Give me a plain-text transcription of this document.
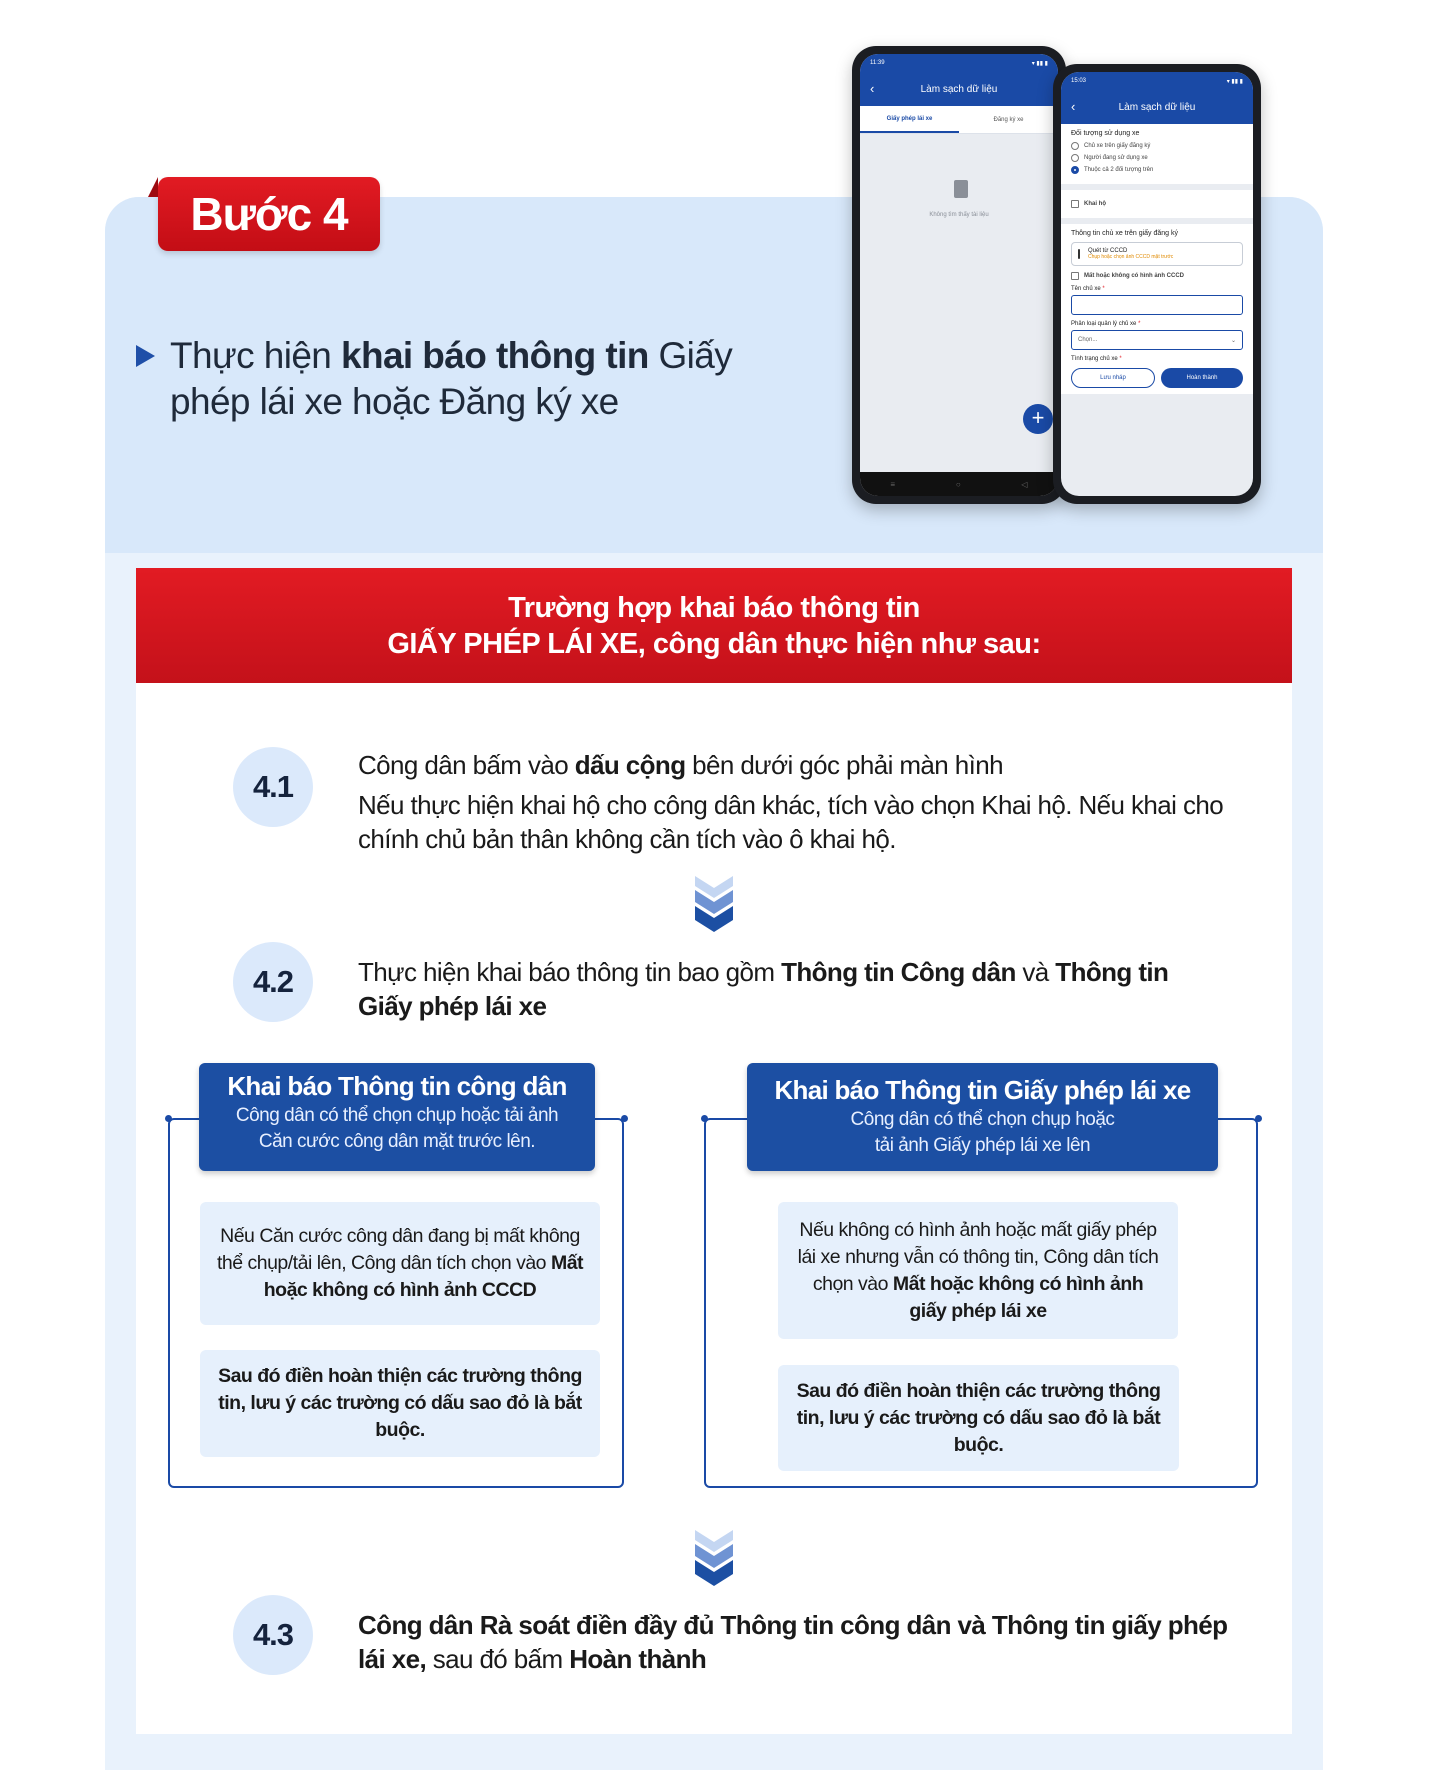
Bước 4

Thực hiện khai báo thông tin Giấy phép lái xe hoặc Đăng ký xe

11:39	▾ ▮▮ ▮
‹	Làm sạch dữ liệu
Giấy phép lái xe	Đăng ký xe
Không tìm thấy tài liệu
+
≡	○	◁
15:03	▾ ▮▮ ▮
‹	Làm sạch dữ liệu
Đối tượng sử dụng xe
Chủ xe trên giấy đăng ký
Người đang sử dụng xe
Thuộc cả 2 đối tượng trên
Khai hộ
Thông tin chủ xe trên giấy đăng ký
Quét từ CCCD
Chụp hoặc chọn ảnh CCCD mặt trước
Mất hoặc không có hình ảnh CCCD
Tên chủ xe *
Phân loại quản lý chủ xe *
Chọn...	⌄
Tình trạng chủ xe *
Lưu nháp	Hoàn thành
Trường hợp khai báo thông tin
GIẤY PHÉP LÁI XE, công dân thực hiện như sau:
4.1
Công dân bấm vào dấu cộng bên dưới góc phải màn hình
Nếu thực hiện khai hộ cho công dân khác, tích vào chọn Khai hộ. Nếu khai cho chính chủ bản thân không cần tích vào ô khai hộ.
4.2	Thực hiện khai báo thông tin bao gồm Thông tin Công dân và Thông tin Giấy phép lái xe
Khai báo Thông tin công dân
Công dân có thể chọn chụp hoặc tải ảnh Căn cước công dân mặt trước lên.
Khai báo Thông tin Giấy phép lái xe
Công dân có thể chọn chụp hoặc tải ảnh Giấy phép lái xe lên
Nếu Căn cước công dân đang bị mất không thể chụp/tải lên, Công dân tích chọn vào Mất hoặc không có hình ảnh CCCD
Sau đó điền hoàn thiện các trường thông tin, lưu ý các trường có dấu sao đỏ là bắt buộc.
Nếu không có hình ảnh hoặc mất giấy phép lái xe nhưng vẫn có thông tin, Công dân tích chọn vào Mất hoặc không có hình ảnh giấy phép lái xe
Sau đó điền hoàn thiện các trường thông tin, lưu ý các trường có dấu sao đỏ là bắt buộc.
4.3	Công dân Rà soát điền đầy đủ Thông tin công dân và Thông tin giấy phép lái xe, sau đó bấm Hoàn thành
